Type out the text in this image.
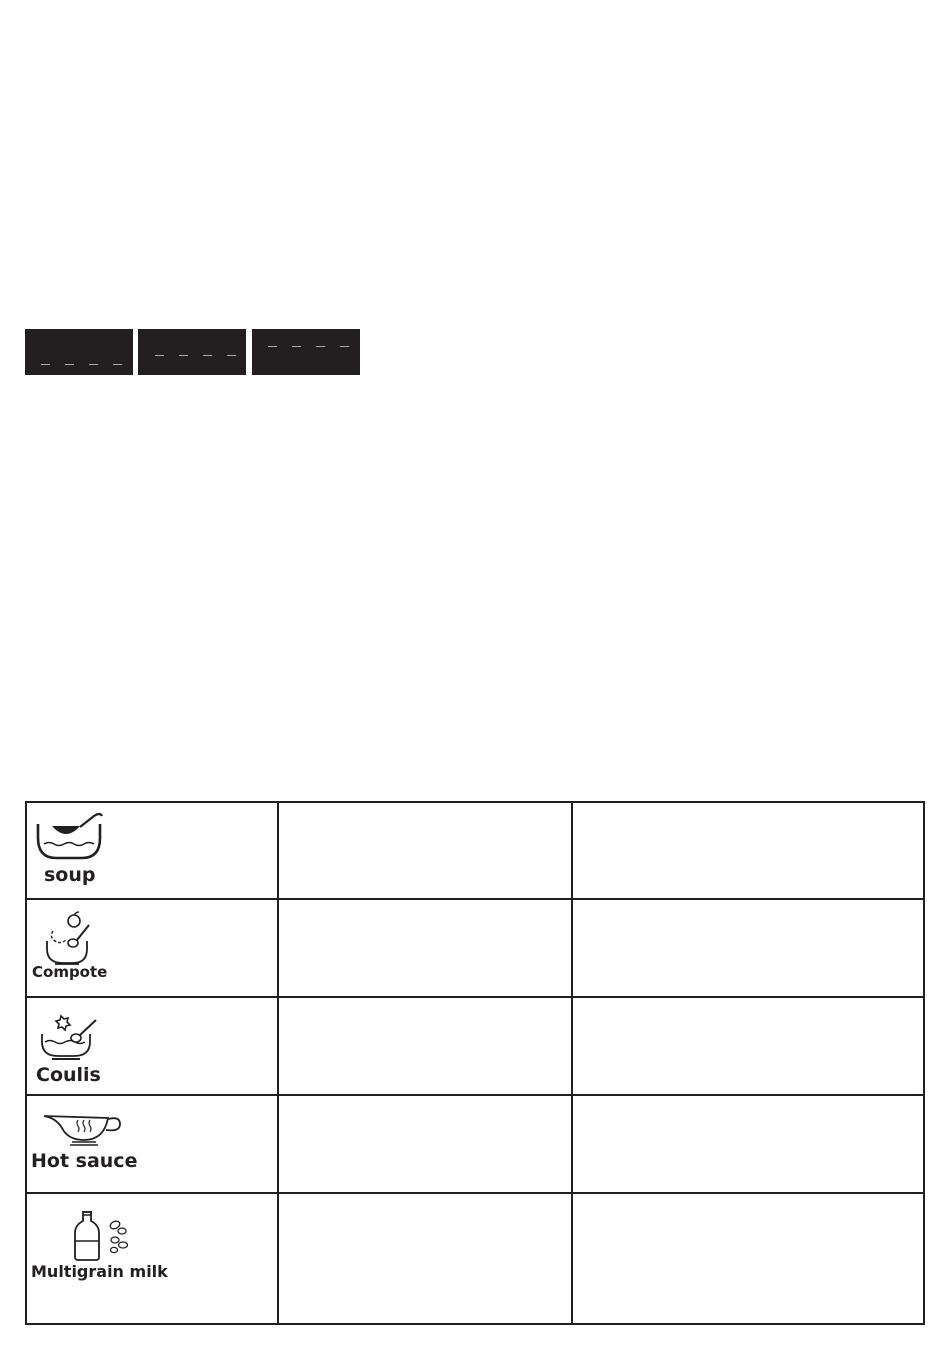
_ _ _ _ _ _ _ _ _ _ _ _
soup		

Compote		

Coulis		

Hot sauce		

Multigrain milk		
